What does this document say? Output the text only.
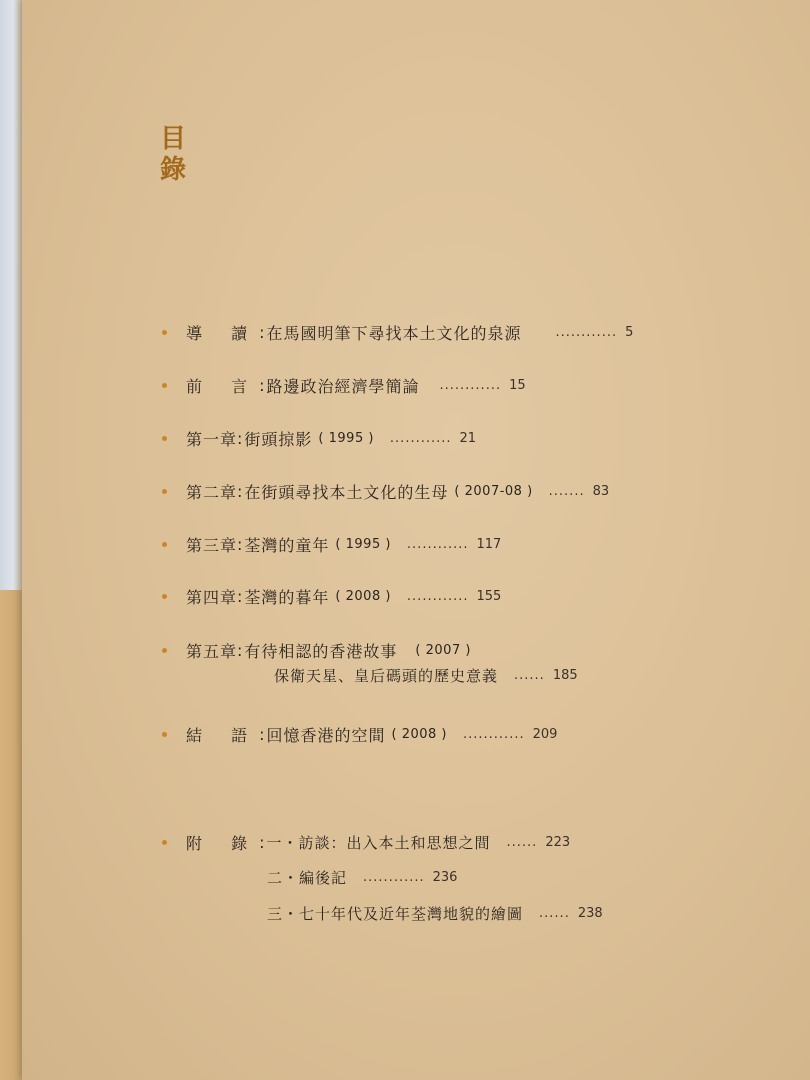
目
錄
導 讀 : 在馬國明筆下尋找本土文化的泉源	............ 5
前 言 : 路邊政治經濟學簡論 ............ 15
第一章 : 街頭掠影 ( 1995 ) ............ 21
第二章 : 在街頭尋找本土文化的生母 ( 2007-08 ) ....... 83
第三章 : 荃灣的童年 ( 1995 ) ............ 117
第四章 : 荃灣的暮年 ( 2008 ) ............ 155
第五章 : 有待相認的香港故事 ( 2007 )
保衛天星、皇后碼頭的歷史意義 ...... 185
結 語 : 回憶香港的空間 ( 2008 ) ............ 209
附 錄 : 一・ 訪談：出入本土和思想之間 ...... 223
二・ 編後記 ............ 236
三・ 七十年代及近年荃灣地貌的繪圖 ...... 238
